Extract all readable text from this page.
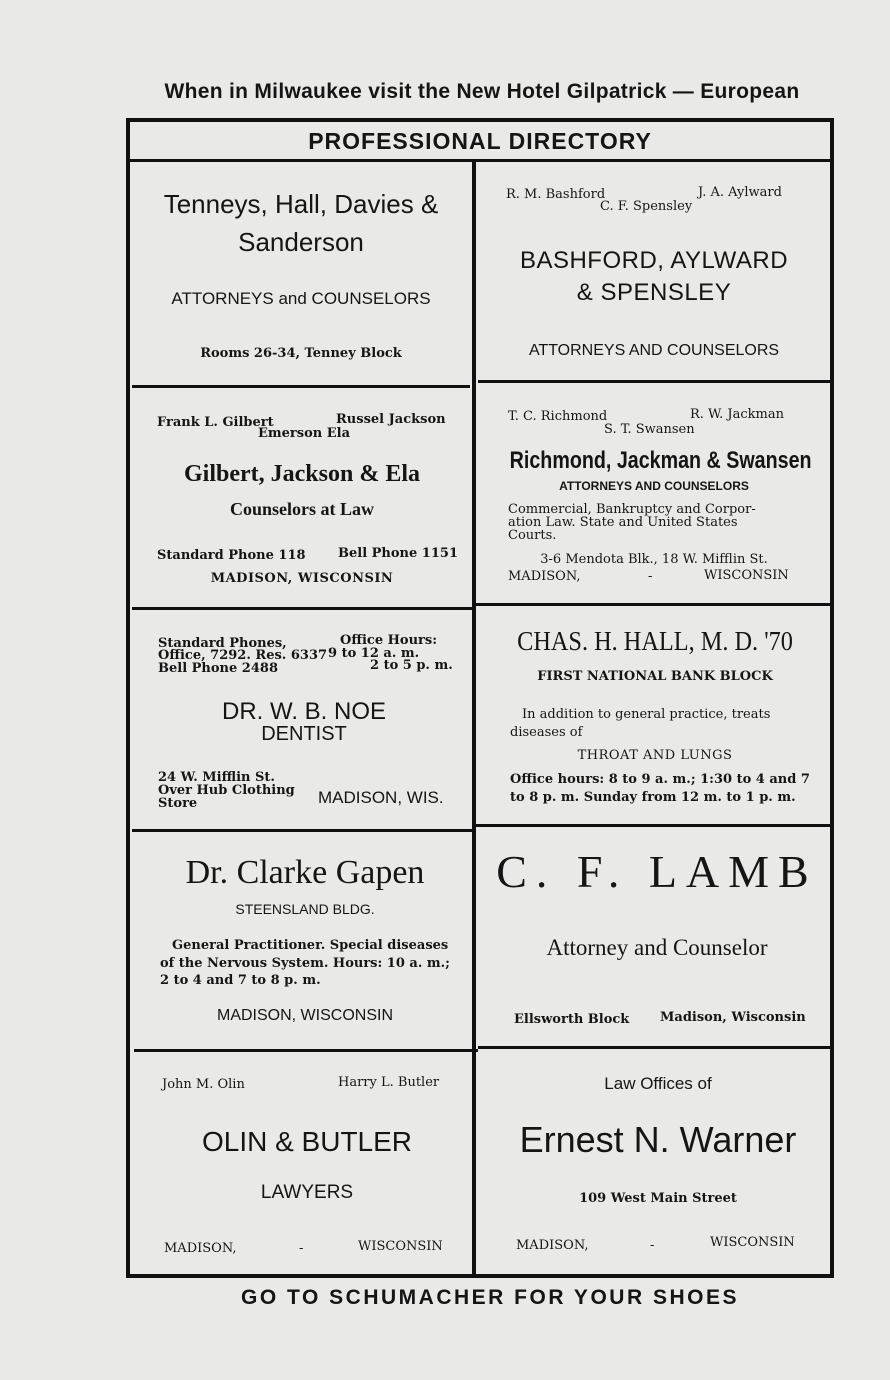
When in Milwaukee visit the New Hotel Gilpatrick — European
PROFESSIONAL DIRECTORY
Tenneys, Hall, Davies &
Sanderson
ATTORNEYS and COUNSELORS
Rooms 26-34, Tenney Block
R. M. Bashford	J. A. Aylward
C. F. Spensley
BASHFORD, AYLWARD
& SPENSLEY
ATTORNEYS AND COUNSELORS
Frank L. Gilbert	Russel Jackson
Emerson Ela
Gilbert, Jackson & Ela
Counselors at Law
Standard Phone 118 Bell Phone 1151
MADISON, WISCONSIN
T. C. Richmond	R. W. Jackman
S. T. Swansen
Richmond, Jackman & Swansen
ATTORNEYS AND COUNSELORS
Commercial, Bankruptcy and Corpor-
ation Law. State and United States
Courts.
3-6 Mendota Blk., 18 W. Mifflin St.
MADISON,	-	WISCONSIN
Standard Phones,
Office, 7292. Res. 6337
Bell Phone 2488
Office Hours:
9 to 12 a. m.
2 to 5 p. m.
DR. W. B. NOE
DENTIST
24 W. Mifflin St.
Over Hub Clothing
Store	MADISON, WIS.
CHAS. H. HALL, M. D. '70
FIRST NATIONAL BANK BLOCK
In addition to general practice, treats
diseases of
THROAT AND LUNGS
Office hours: 8 to 9 a. m.; 1:30 to 4 and 7
to 8 p. m. Sunday from 12 m. to 1 p. m.
Dr. Clarke Gapen
STEENSLAND BLDG.
General Practitioner. Special diseases
of the Nervous System. Hours: 10 a. m.;
2 to 4 and 7 to 8 p. m.
MADISON, WISCONSIN
C. F. LAMB
Attorney and Counselor
Ellsworth Block Madison, Wisconsin
John M. Olin	Harry L. Butler
OLIN & BUTLER
LAWYERS
MADISON,	-	WISCONSIN
Law Offices of
Ernest N. Warner
109 West Main Street
MADISON,	-	WISCONSIN
GO TO SCHUMACHER FOR YOUR SHOES
